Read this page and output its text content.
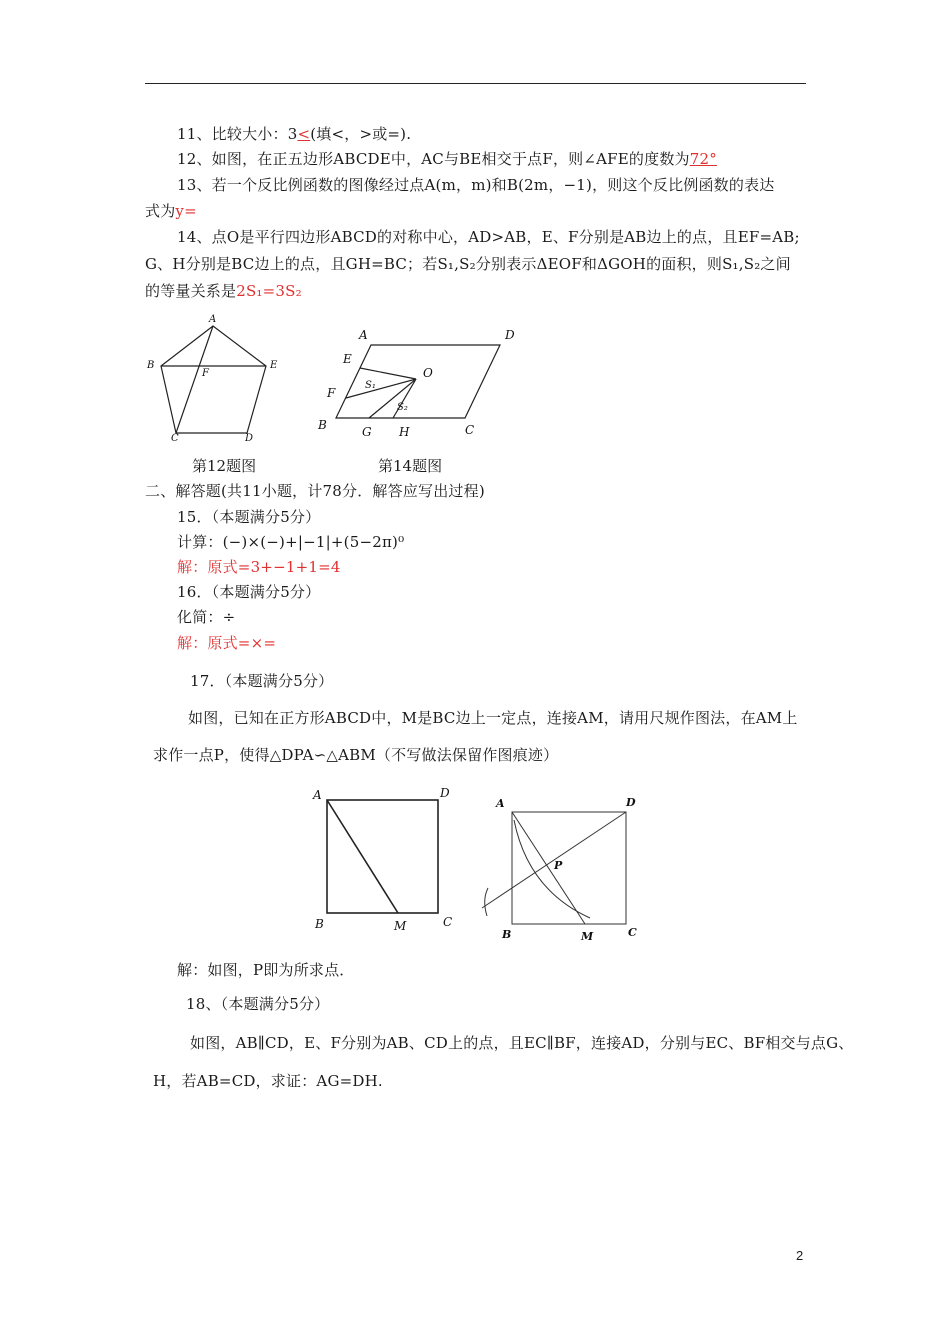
11、比较大小：3<(填<，>或=).
12、如图，在正五边形ABCDE中，AC与BE相交于点F，则∠AFE的度数为72°
13、若一个反比例函数的图像经过点A(m，m)和B(2m，−1)，则这个反比例函数的表达
式为y=
14、点O是平行四边形ABCD的对称中心，AD>AB，E、F分别是AB边上的点，且EF=AB;
G、H分别是BC边上的点，且GH=BC；若S₁,S₂分别表示ΔEOF和ΔGOH的面积，则S₁,S₂之间
的等量关系是2S₁=3S₂
A
B	E
F
C	D
A	D
E
O
S₁
F
S₂
B	G H	C
第12题图	第14题图
二、解答题(共11小题，计78分．解答应写出过程)
15．（本题满分5分）
计算：(−)×(−)+|−1|+(5−2π)⁰
解：原式=3+−1+1=4
16．（本题满分5分）
化简：÷
解：原式=×=
17．（本题满分5分）
如图，已知在正方形ABCD中，M是BC边上一定点，连接AM，请用尺规作图法，在AM上
求作一点P，使得△DPA∽△ABM（不写做法保留作图痕迹）
A	D
B	M	C
A	D
P
B	M	C
解：如图，P即为所求点．
18、（本题满分5分）
如图，AB∥CD，E、F分别为AB、CD上的点，且EC∥BF，连接AD，分别与EC、BF相交与点G、
H，若AB=CD，求证：AG=DH.
2
